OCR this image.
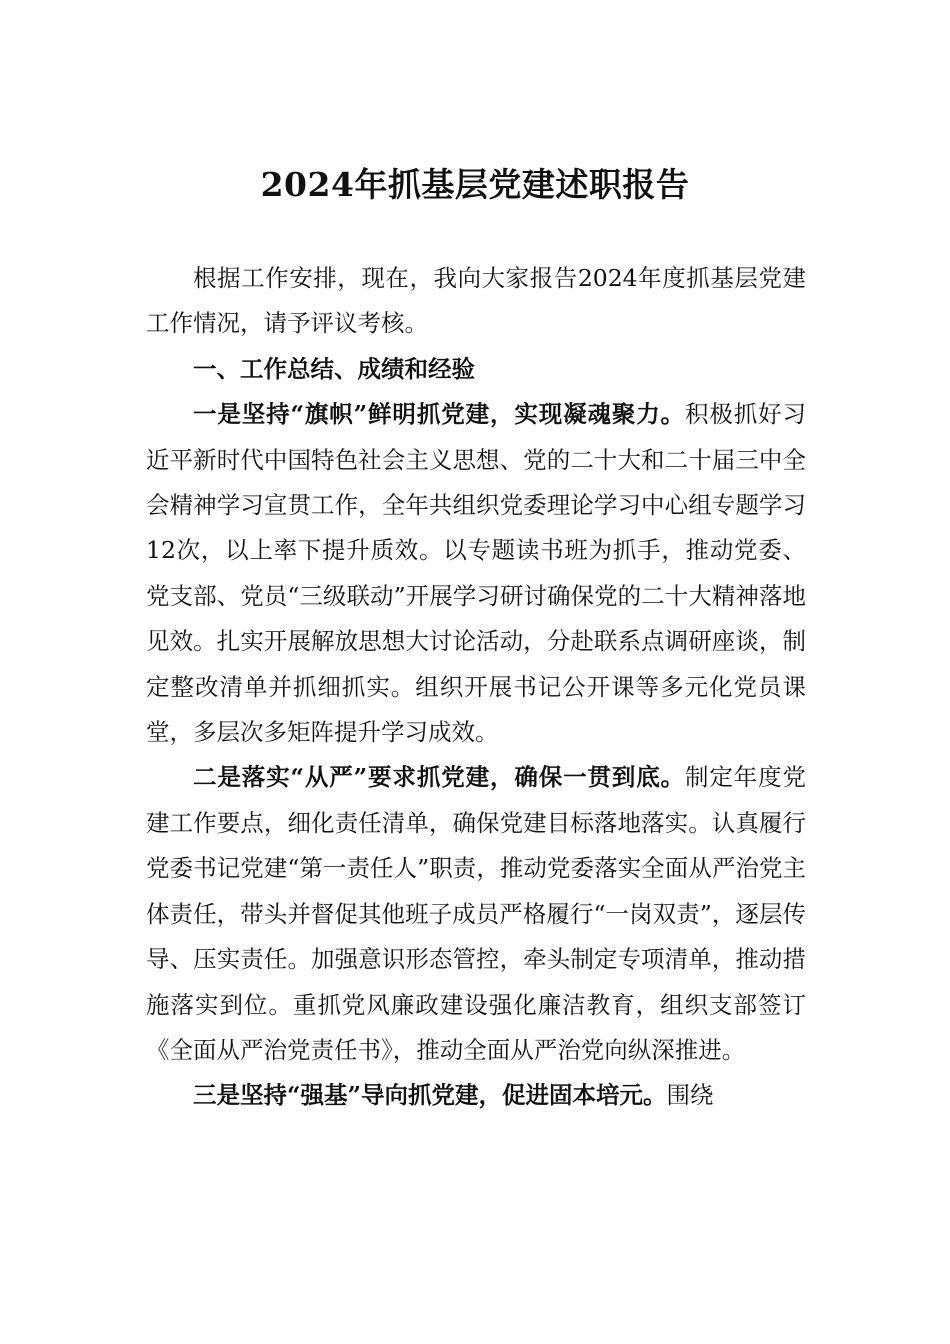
2024年抓基层党建述职报告

根据工作安排，现在，我向大家报告2024年度抓基层党建工作情况，请予评议考核。

一、工作总结、成绩和经验

一是坚持“旗帜”鲜明抓党建，实现凝魂聚力。积极抓好习近平新时代中国特色社会主义思想、党的二十大和二十届三中全会精神学习宣贯工作，全年共组织党委理论学习中心组专题学习12次，以上率下提升质效。以专题读书班为抓手，推动党委、党支部、党员“三级联动”开展学习研讨确保党的二十大精神落地见效。扎实开展解放思想大讨论活动，分赴联系点调研座谈，制定整改清单并抓细抓实。组织开展书记公开课等多元化党员课堂，多层次多矩阵提升学习成效。

二是落实“从严”要求抓党建，确保一贯到底。制定年度党建工作要点，细化责任清单，确保党建目标落地落实。认真履行党委书记党建“第一责任人”职责，推动党委落实全面从严治党主体责任，带头并督促其他班子成员严格履行“一岗双责”，逐层传导、压实责任。加强意识形态管控，牵头制定专项清单，推动措施落实到位。重抓党风廉政建设强化廉洁教育，组织支部签订《全面从严治党责任书》，推动全面从严治党向纵深推进。

三是坚持“强基”导向抓党建，促进固本培元。围绕
